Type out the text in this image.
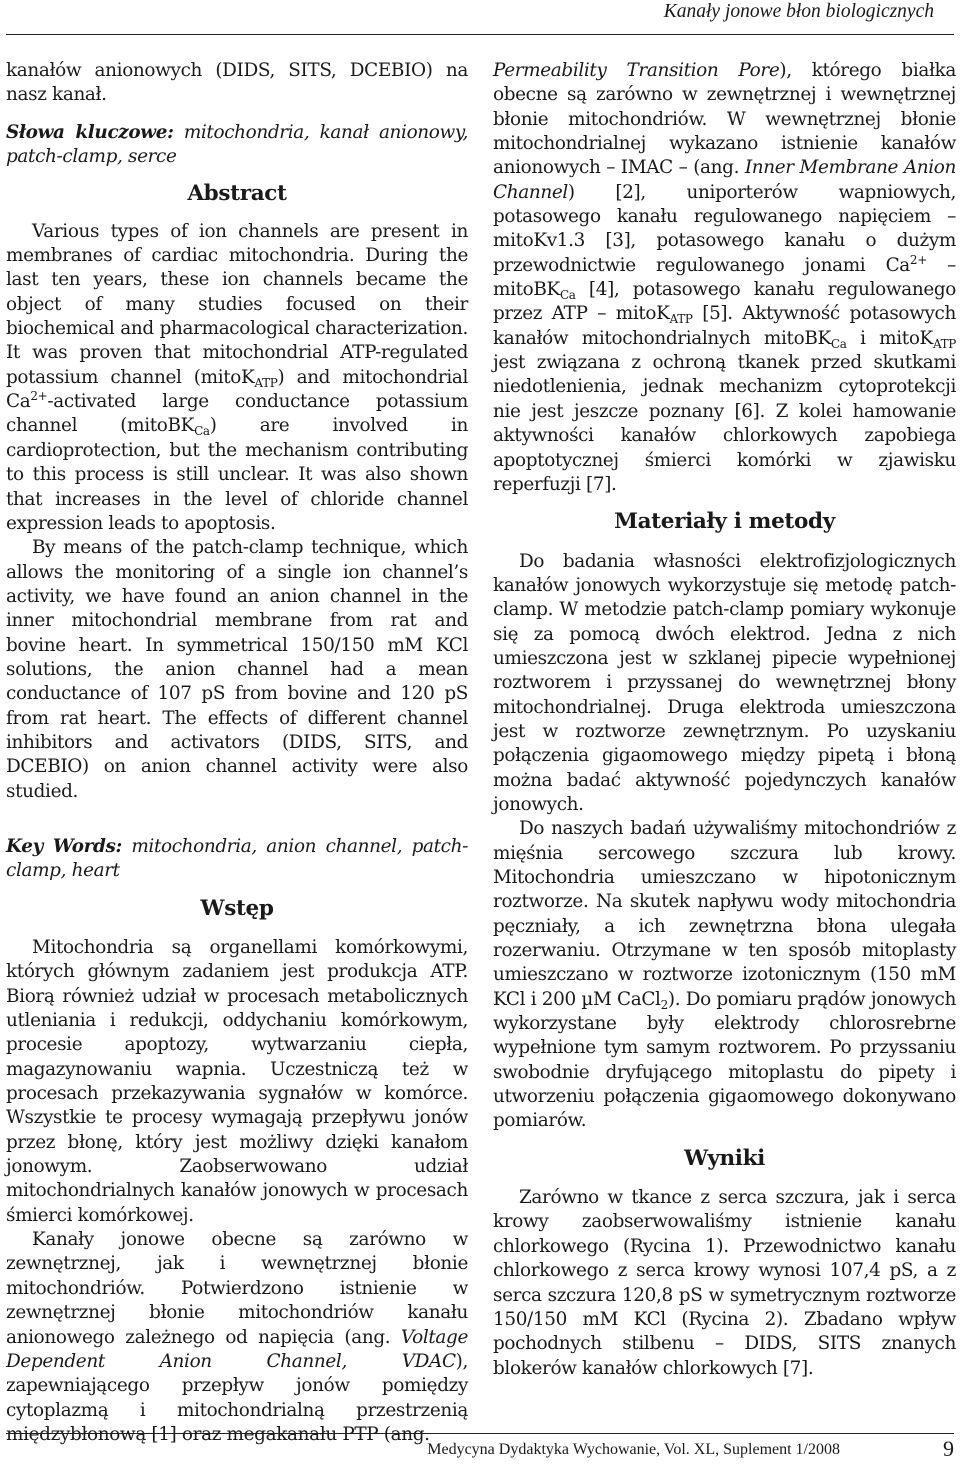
Kanały jonowe błon biologicznych

kanałów anionowych (DIDS, SITS, DCEBIO) na nasz kanał.

Słowa kluczowe: mitochondria, kanał anionowy, patch-clamp, serce

Abstract

Various types of ion channels are present in membranes of cardiac mitochondria. During the last ten years, these ion channels became the object of many studies focused on their biochemical and pharmacological characterization. It was proven that mitochondrial ATP-regulated potassium channel (mitoK$_{ATP}$) and mitochondrial $Ca^{2+}$-activated large conductance potassium channel (mitoBK$_{Ca}$) are involved in cardioprotection, but the mechanism contributing to this process is still unclear. It was also shown that increases in the level of chloride channel expression leads to apoptosis.

By means of the patch-clamp technique, which allows the monitoring of a single ion channel’s activity, we have found an anion channel in the inner mitochondrial membrane from rat and bovine heart. In symmetrical 150/150 mM KCl solutions, the anion channel had a mean conductance of 107 pS from bovine and 120 pS from rat heart. The effects of different channel inhibitors and activators (DIDS, SITS, and DCEBIO) on anion channel activity were also studied.

Key Words: mitochondria, anion channel, patch-clamp, heart

Wstęp

Mitochondria są organellami komórkowymi, których głównym zadaniem jest produkcja ATP. Biorą również udział w procesach metabolicznych utleniania i redukcji, oddychaniu komórkowym, procesie apoptozy, wytwarzaniu ciepła, magazynowaniu wapnia. Uczestniczą też w procesach przekazywania sygnałów w komórce. Wszystkie te procesy wymagają przepływu jonów przez błonę, który jest możliwy dzięki kanałom jonowym. Zaobserwowano udział mitochondrialnych kanałów jonowych w procesach śmierci komórkowej.

Kanały jonowe obecne są zarówno w zewnętrznej, jak i wewnętrznej błonie mitochondriów. Potwierdzono istnienie w zewnętrznej błonie mitochondriów kanału anionowego zależnego od napięcia (ang. Voltage Dependent Anion Channel, VDAC), zapewniającego przepływ jonów pomiędzy cytoplazmą i mitochondrialną przestrzenią międzybłonową [1] oraz megakanału PTP (ang.

Permeability Transition Pore), którego białka obecne są zarówno w zewnętrznej i wewnętrznej błonie mitochondriów. W wewnętrznej błonie mitochondrialnej wykazano istnienie kanałów anionowych – IMAC – (ang. Inner Membrane Anion Channel) [2], uniporterów wapniowych, potasowego kanału regulowanego napięciem – mitoKv1.3 [3], potasowego kanału o dużym przewodnictwie regulowanego jonami $Ca^{2+}$ – mitoBK$_{Ca}$ [4], potasowego kanału regulowanego przez ATP – mitoK$_{ATP}$ [5]. Aktywność potasowych kanałów mitochondrialnych mitoBK$_{Ca}$ i mitoK$_{ATP}$ jest związana z ochroną tkanek przed skutkami niedotlenienia, jednak mechanizm cytoprotekcji nie jest jeszcze poznany [6]. Z kolei hamowanie aktywności kanałów chlorkowych zapobiega apoptotycznej śmierci komórki w zjawisku reperfuzji [7].

Materiały i metody

Do badania własności elektrofizjologicznych kanałów jonowych wykorzystuje się metodę patch-clamp. W metodzie patch-clamp pomiary wykonuje się za pomocą dwóch elektrod. Jedna z nich umieszczona jest w szklanej pipecie wypełnionej roztworem i przyssanej do wewnętrznej błony mitochondrialnej. Druga elektroda umieszczona jest w roztworze zewnętrznym. Po uzyskaniu połączenia gigaomowego między pipetą i błoną można badać aktywność pojedynczych kanałów jonowych.

Do naszych badań używaliśmy mitochondriów z mięśnia sercowego szczura lub krowy. Mitochondria umieszczano w hipotonicznym roztworze. Na skutek napływu wody mitochondria pęczniały, a ich zewnętrzna błona ulegała rozerwaniu. Otrzymane w ten sposób mitoplasty umieszczano w roztworze izotonicznym (150 mM KCl i 200 µM CaCl$_2$). Do pomiaru prądów jonowych wykorzystane były elektrody chlorosrebrne wypełnione tym samym roztworem. Po przyssaniu swobodnie dryfującego mitoplastu do pipety i utworzeniu połączenia gigaomowego dokonywano pomiarów.

Wyniki

Zarówno w tkance z serca szczura, jak i serca krowy zaobserwowaliśmy istnienie kanału chlorkowego (Rycina 1). Przewodnictwo kanału chlorkowego z serca krowy wynosi 107,4 pS, a z serca szczura 120,8 pS w symetrycznym roztworze 150/150 mM KCl (Rycina 2). Zbadano wpływ pochodnych stilbenu – DIDS, SITS znanych blokerów kanałów chlorkowych [7].

Medycyna Dydaktyka Wychowanie, Vol. XL, Suplement 1/2008	9
